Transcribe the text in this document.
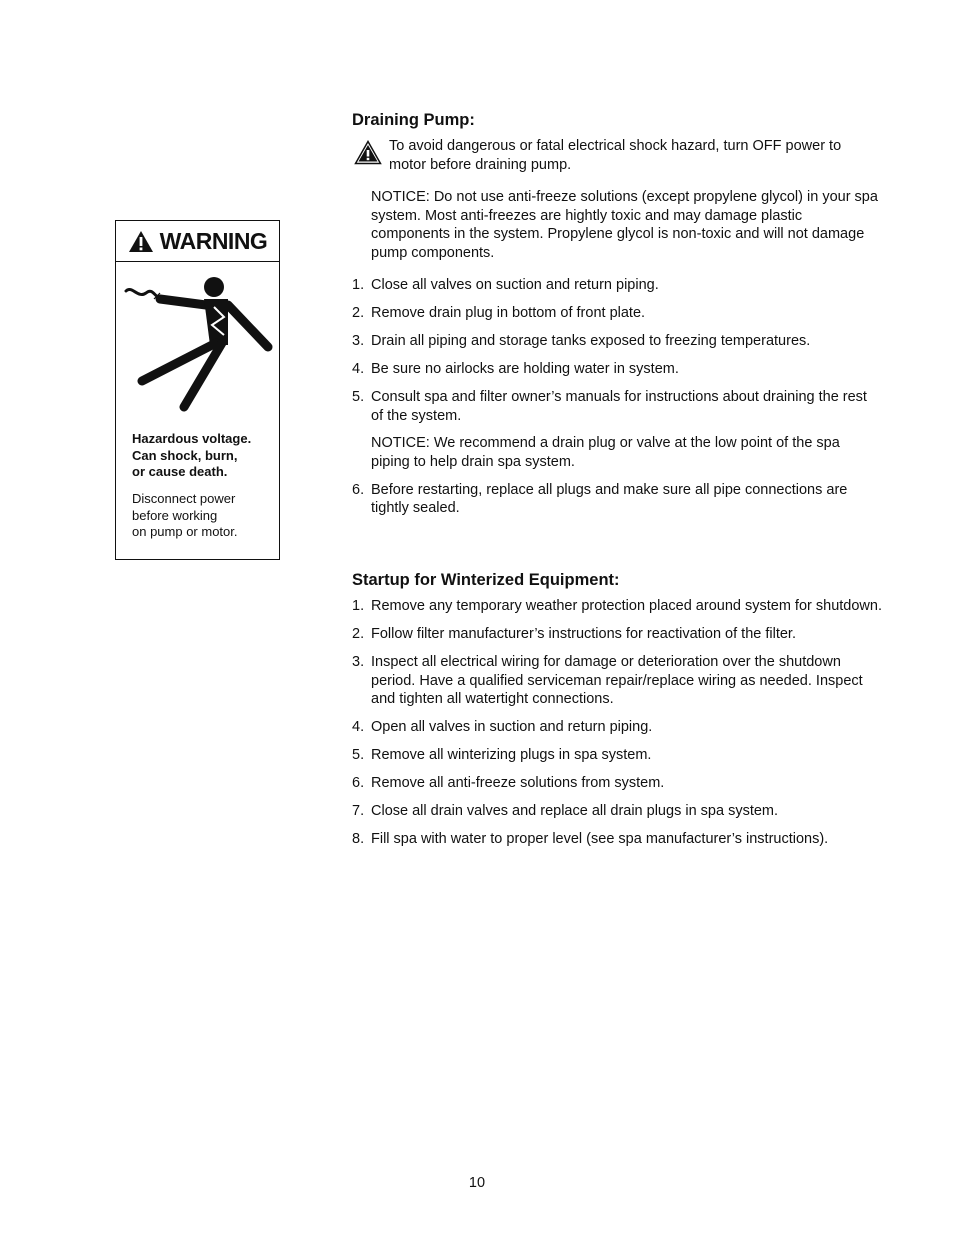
WARNING
Hazardous voltage.
Can shock, burn,
or cause death.
Disconnect power
before working
on pump or motor.
Draining Pump:
To avoid dangerous or fatal electrical shock hazard, turn OFF power to motor before draining pump.

NOTICE: Do not use anti-freeze solutions (except propylene glycol) in your spa system. Most anti-freezes are hightly toxic and may damage plastic components in the system. Propylene glycol is non-toxic and will not damage pump components.

1. Close all valves on suction and return piping.
2. Remove drain plug in bottom of front plate.
3. Drain all piping and storage tanks exposed to freezing temperatures.
4. Be sure no airlocks are holding water in system.
5. Consult spa and filter owner’s manuals for instructions about draining the rest of the system.
NOTICE: We recommend a drain plug or valve at the low point of the spa piping to help drain spa system.
6. Before restarting, replace all plugs and make sure all pipe connections are tightly sealed.
Startup for Winterized Equipment:
1. Remove any temporary weather protection placed around system for shutdown.
2. Follow filter manufacturer’s instructions for reactivation of the filter.
3. Inspect all electrical wiring for damage or deterioration over the shutdown period. Have a qualified serviceman repair/replace wiring as needed. Inspect and tighten all watertight connections.
4. Open all valves in suction and return piping.
5. Remove all winterizing plugs in spa system.
6. Remove all anti-freeze solutions from system.
7. Close all drain valves and replace all drain plugs in spa system.
8. Fill spa with water to proper level (see spa manufacturer’s instructions).
10
